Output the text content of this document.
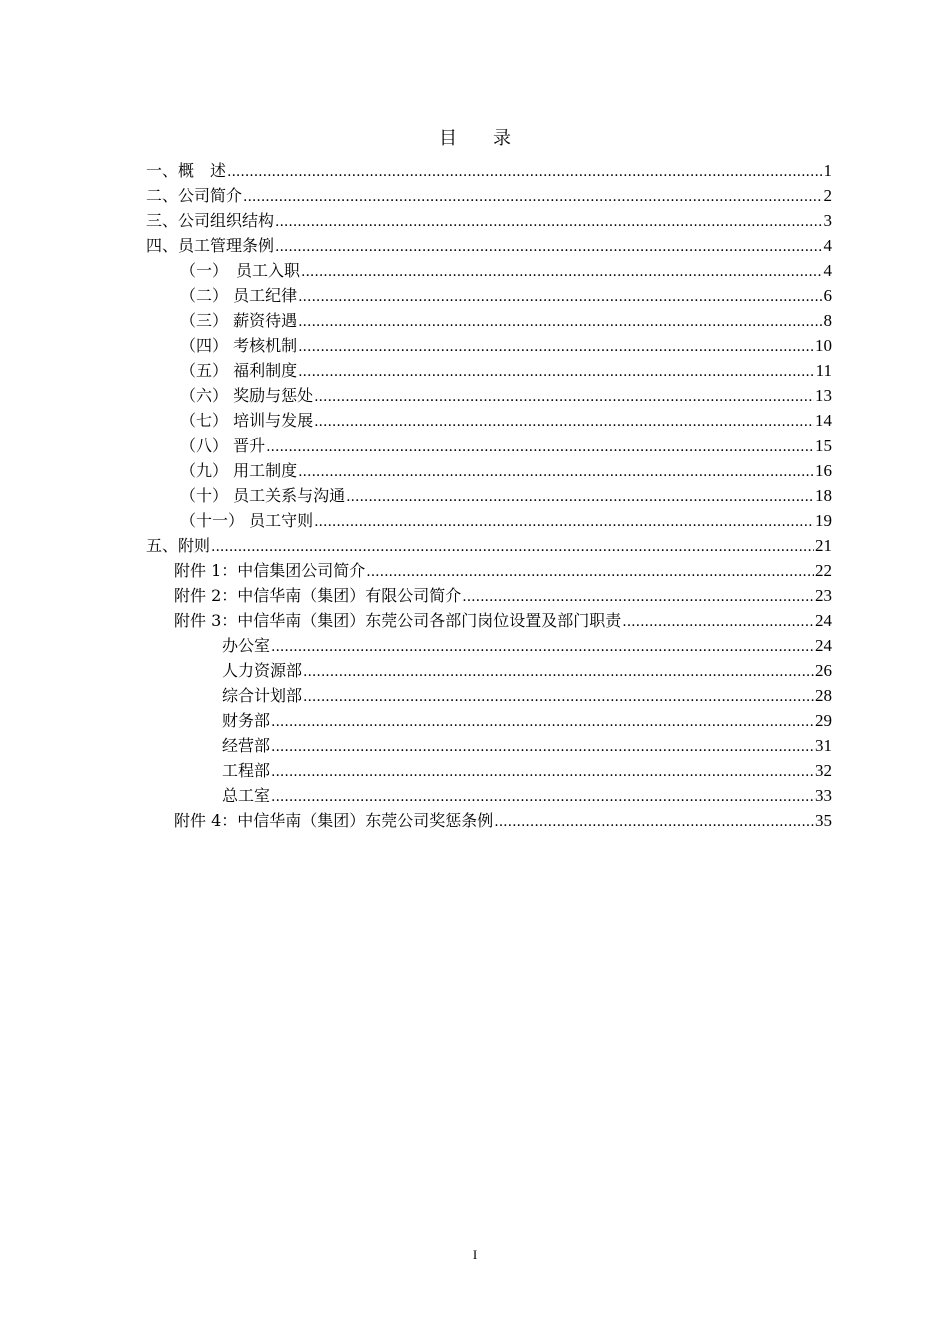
目　　录
一、概　述 .....	1
二、公司简介 .....	2
三、公司组织结构 .....	3
四、员工管理条例 .....	4
（一）　员工入职 .....	4
（二） 员工纪律 .....	6
（三） 薪资待遇 .....	8
（四） 考核机制 .....	10
（五） 福利制度 .....	11
（六） 奖励与惩处 .....	13
（七） 培训与发展 .....	14
（八） 晋升 .....	15
（九） 用工制度 .....	16
（十） 员工关系与沟通 .....	18
（十一） 员工守则 .....	19
五、附则 .....	21
附件 1：中信集团公司简介 .....	22
附件 2：中信华南（集团）有限公司简介 .....	23
附件 3：中信华南（集团）东莞公司各部门岗位设置及部门职责 .....	24
办公室 .....	24
人力资源部 .....	26
综合计划部 .....	28
财务部 .....	29
经营部 .....	31
工程部 .....	32
总工室 .....	33
附件 4：中信华南（集团）东莞公司奖惩条例 .....	35
I
